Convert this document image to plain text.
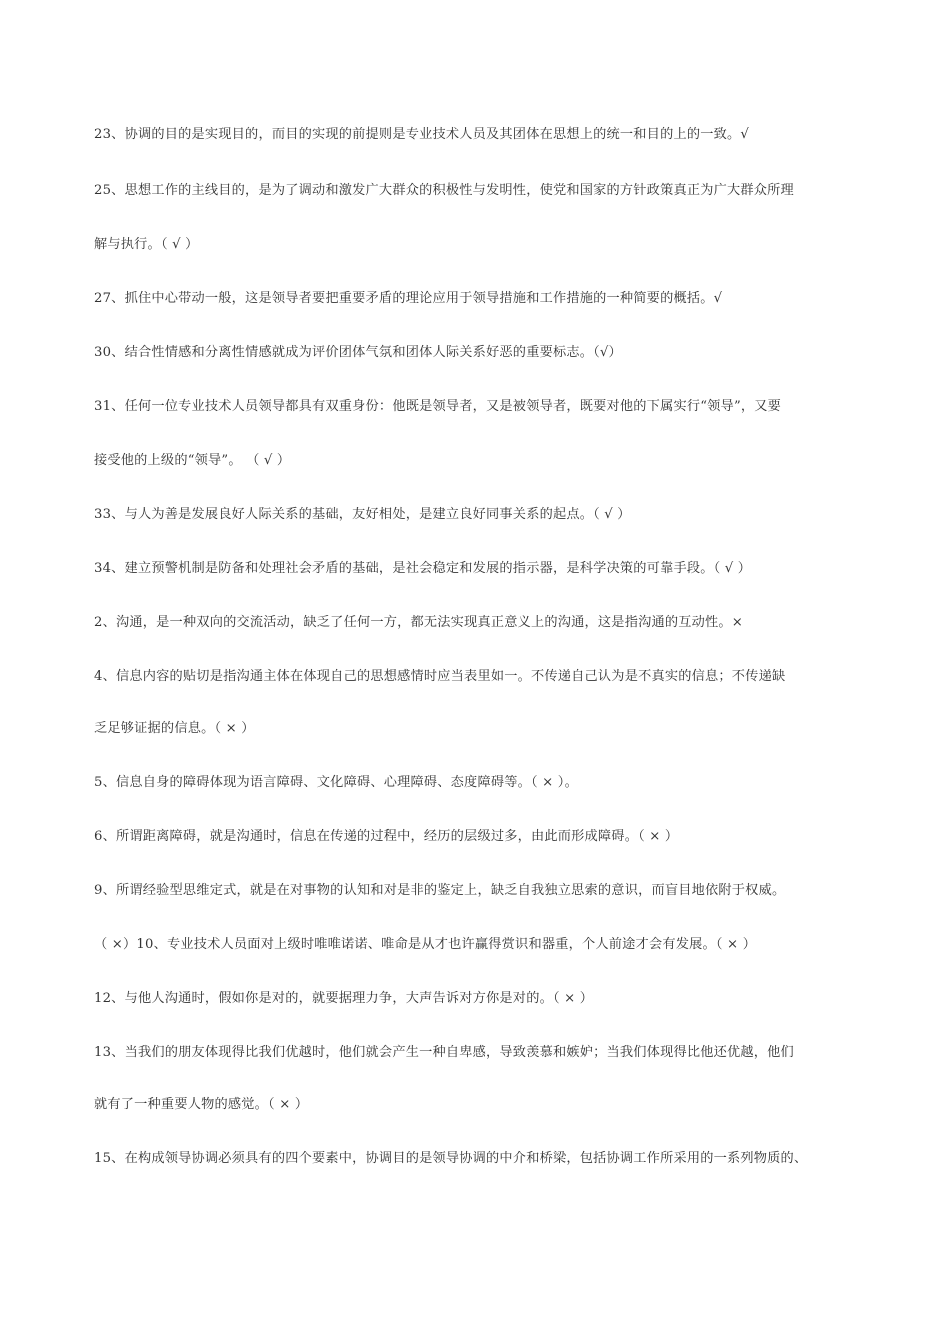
23、协调的目的是实现目的，而目的实现的前提则是专业技术人员及其团体在思想上的统一和目的上的一致。√
25、思想工作的主线目的，是为了调动和激发广大群众的积极性与发明性，使党和国家的方针政策真正为广大群众所理
解与执行。（ √ ）
27、抓住中心带动一般，这是领导者要把重要矛盾的理论应用于领导措施和工作措施的一种简要的概括。√
30、结合性情感和分离性情感就成为评价团体气氛和团体人际关系好恶的重要标志。（√）
31、任何一位专业技术人员领导都具有双重身份：他既是领导者，又是被领导者，既要对他的下属实行“领导”，又要
接受他的上级的“领导”。 （ √ ）
33、与人为善是发展良好人际关系的基础，友好相处，是建立良好同事关系的起点。（ √ ）
34、建立预警机制是防备和处理社会矛盾的基础，是社会稳定和发展的指示器，是科学决策的可靠手段。（ √ ）
2、沟通，是一种双向的交流活动，缺乏了任何一方，都无法实现真正意义上的沟通，这是指沟通的互动性。×
4、信息内容的贴切是指沟通主体在体现自己的思想感情时应当表里如一。不传递自己认为是不真实的信息；不传递缺
乏足够证据的信息。（ × ）
5、信息自身的障碍体现为语言障碍、文化障碍、心理障碍、态度障碍等。（ × ）。
6、所谓距离障碍，就是沟通时，信息在传递的过程中，经历的层级过多，由此而形成障碍。（ × ）
9、所谓经验型思维定式，就是在对事物的认知和对是非的鉴定上，缺乏自我独立思索的意识，而盲目地依附于权威。
（ ×）10、专业技术人员面对上级时唯唯诺诺、唯命是从才也许赢得赏识和器重，个人前途才会有发展。（ × ）
12、与他人沟通时，假如你是对的，就要据理力争，大声告诉对方你是对的。（ × ）
13、当我们的朋友体现得比我们优越时，他们就会产生一种自卑感，导致羡慕和嫉妒；当我们体现得比他还优越，他们
就有了一种重要人物的感觉。（ × ）
15、在构成领导协调必须具有的四个要素中，协调目的是领导协调的中介和桥梁，包括协调工作所采用的一系列物质的、
